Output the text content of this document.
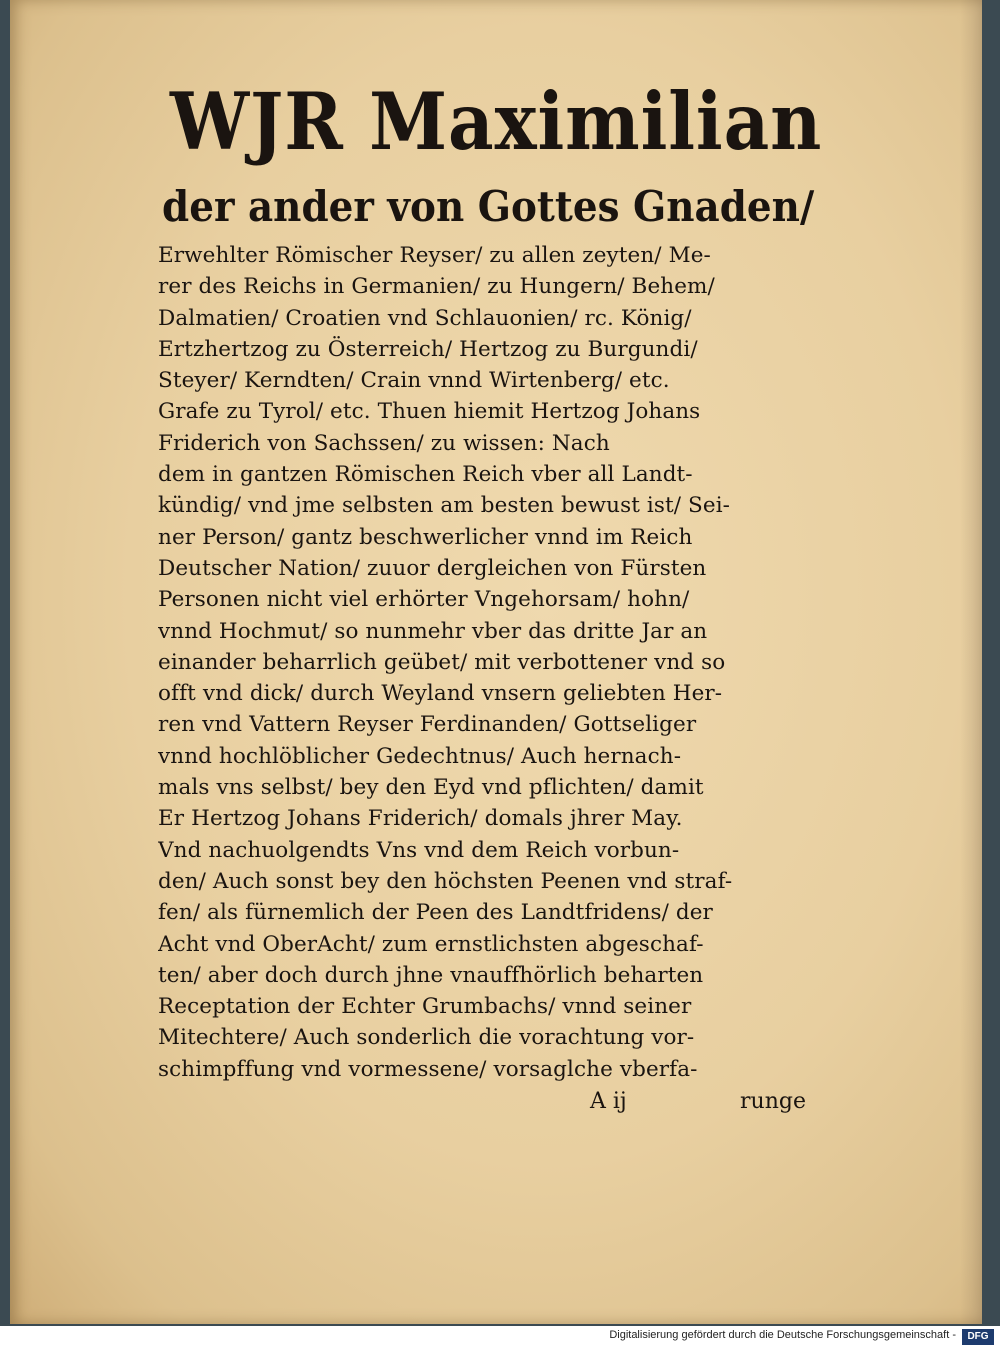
WJR Maximilian
der ander von Gottes Gnaden/
Erwehlter Römischer Reyser/ zu allen zeyten/ Me-
rer des Reichs in Germanien/ zu Hungern/ Behem/
Dalmatien/ Croatien vnd Schlauonien/ rc. König/
Ertzhertzog zu Österreich/ Hertzog zu Burgundi/
Steyer/ Kerndten/ Crain vnnd Wirtenberg/ etc.
Grafe zu Tyrol/ etc. Thuen hiemit Hertzog Johans
Friderich von Sachssen/ zu wissen: Nach
dem in gantzen Römischen Reich vber all Landt-
kündig/ vnd jme selbsten am besten bewust ist/ Sei-
ner Person/ gantz beschwerlicher vnnd im Reich
Deutscher Nation/ zuuor dergleichen von Fürsten
Personen nicht viel erhörter Vngehorsam/ hohn/
vnnd Hochmut/ so nunmehr vber das dritte Jar an
einander beharrlich geübet/ mit verbottener vnd so
offt vnd dick/ durch Weyland vnsern geliebten Her-
ren vnd Vattern Reyser Ferdinanden/ Gottseliger
vnnd hochlöblicher Gedechtnus/ Auch hernach-
mals vns selbst/ bey den Eyd vnd pflichten/ damit
Er Hertzog Johans Friderich/ domals jhrer May.
Vnd nachuolgendts Vns vnd dem Reich vorbun-
den/ Auch sonst bey den höchsten Peenen vnd straf-
fen/ als fürnemlich der Peen des Landtfridens/ der
Acht vnd OberAcht/ zum ernstlichsten abgeschaf-
ten/ aber doch durch jhne vnauffhörlich beharten
Receptation der Echter Grumbachs/ vnnd seiner
Mitechtere/ Auch sonderlich die vorachtung vor-
schimpffung vnd vormessene/ vorsaglche vberfa-
A ij	runge
Digitalisierung gefördert durch die Deutsche Forschungsgemeinschaft -	DFG
